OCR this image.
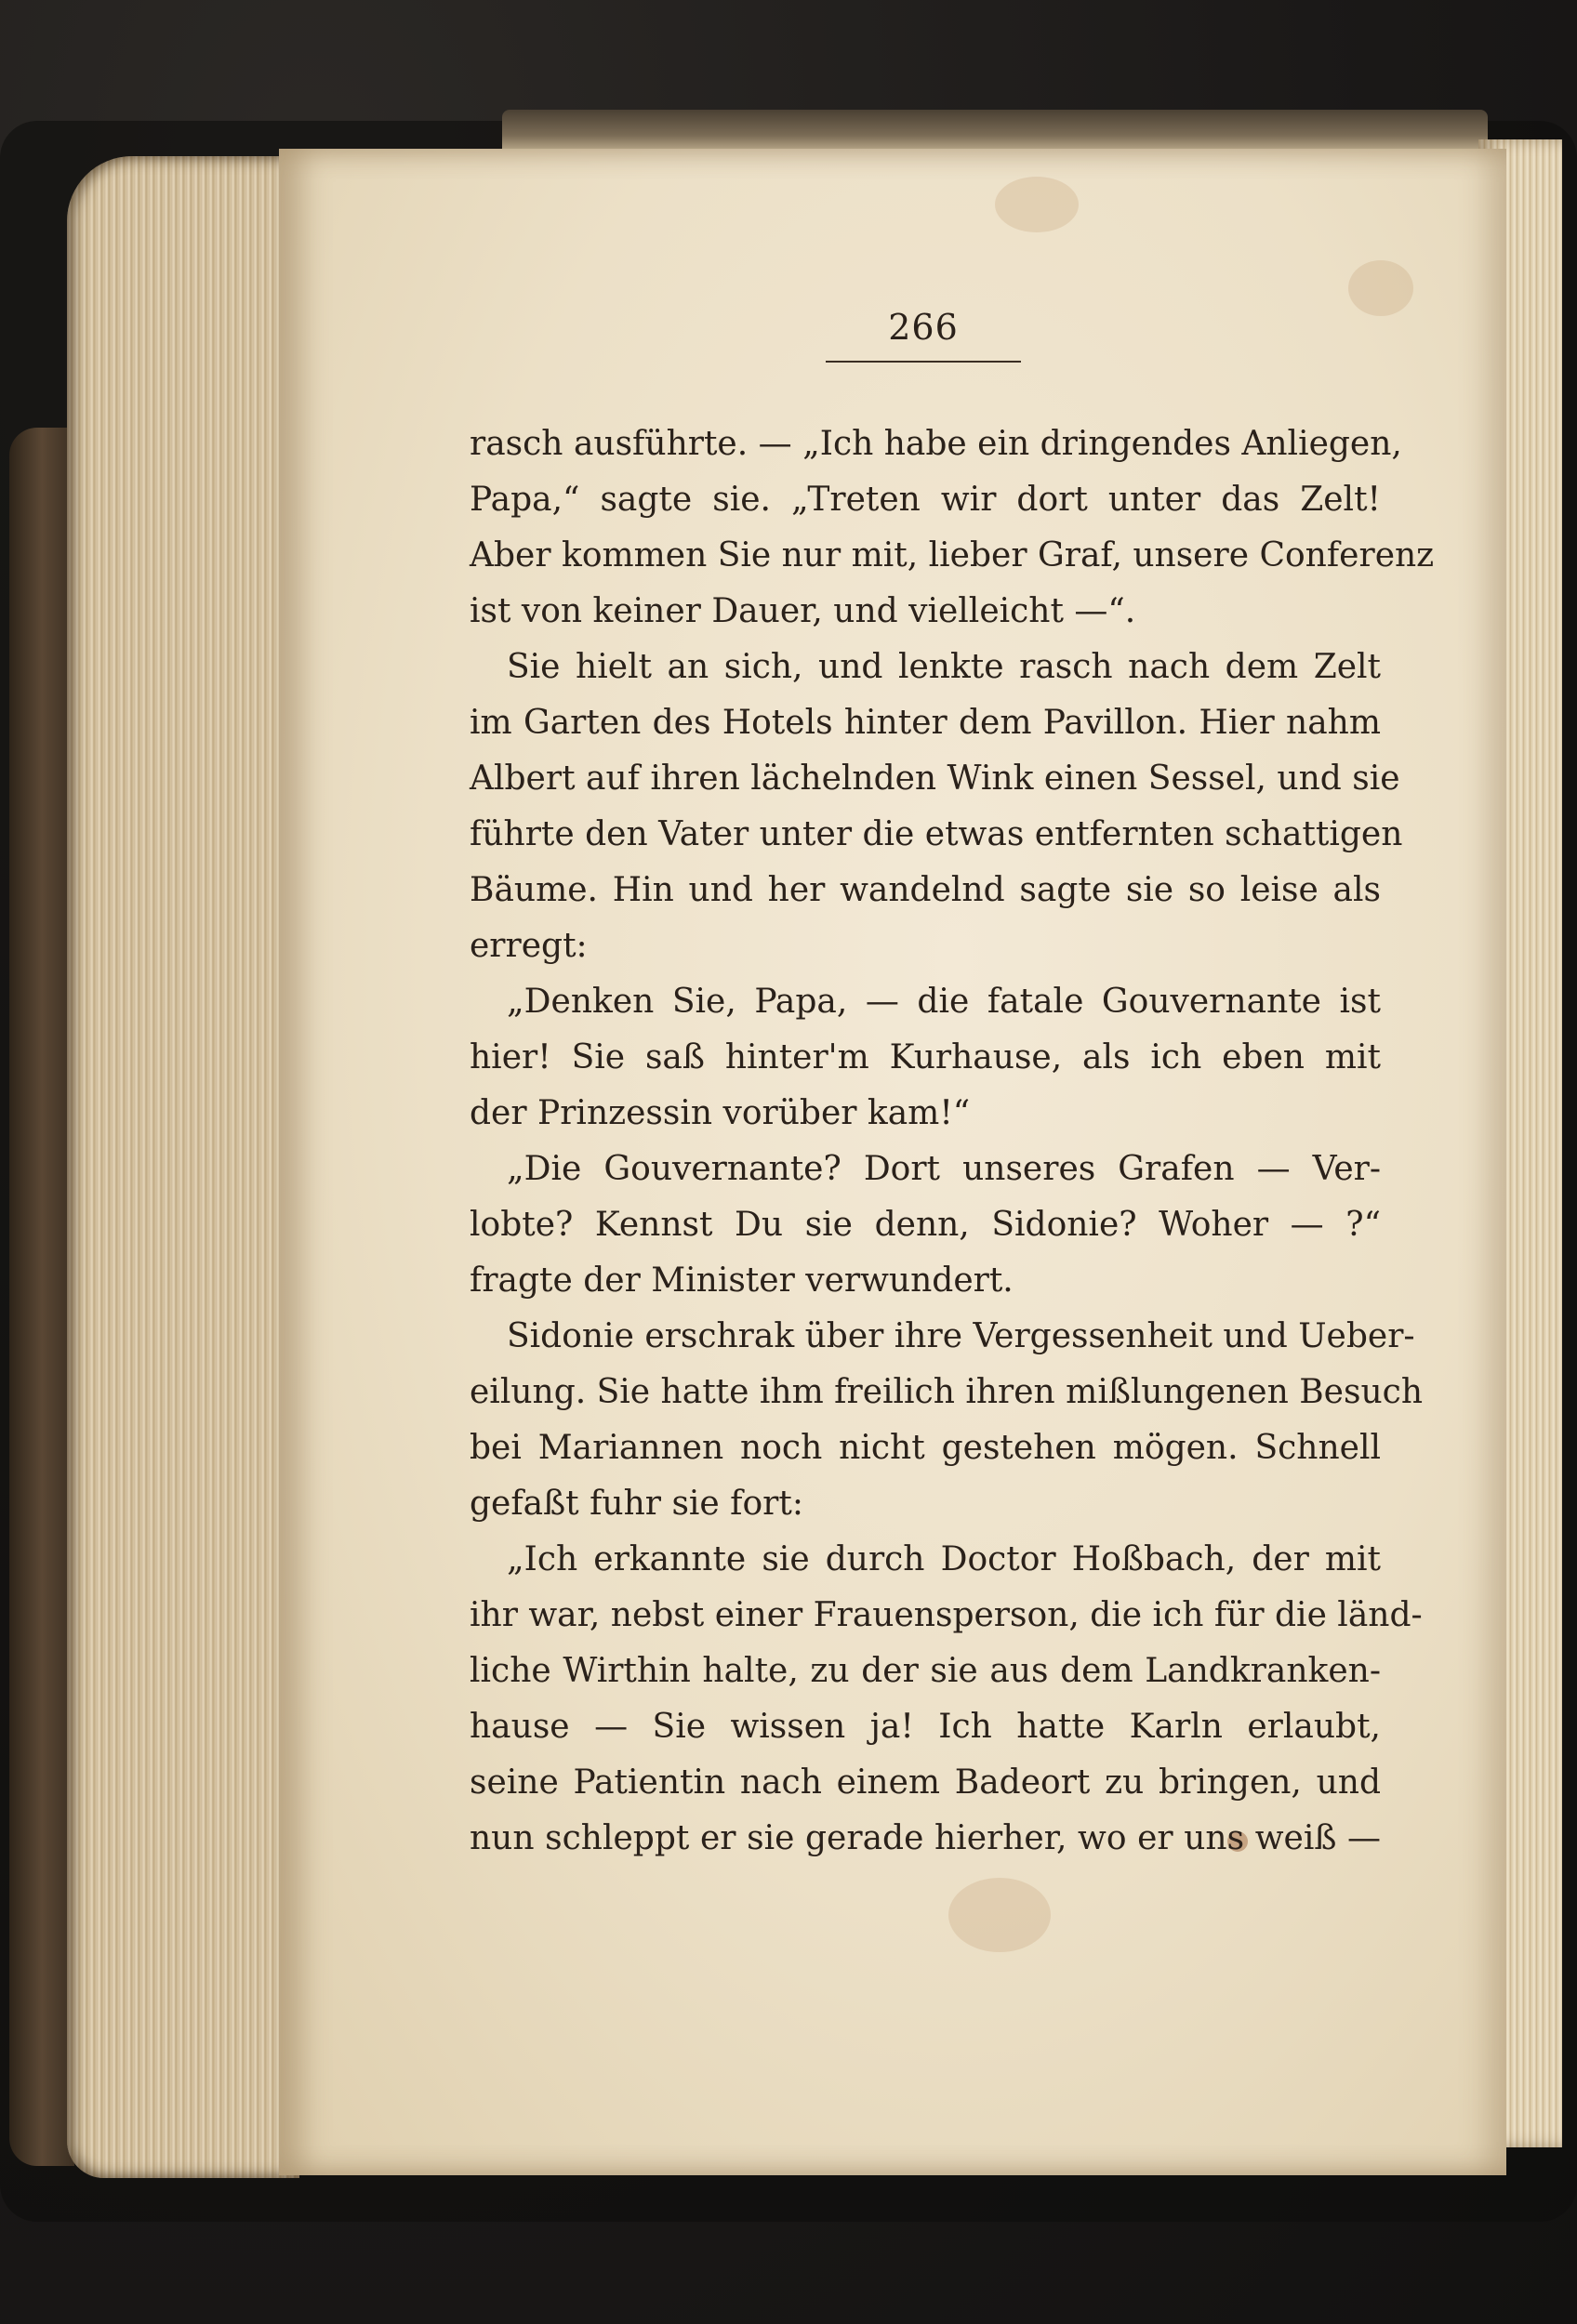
266
rasch ausführte. — „Ich habe ein dringendes Anliegen,
Papa,“ sagte sie. „Treten wir dort unter das Zelt!
Aber kommen Sie nur mit, lieber Graf, unsere Conferenz
ist von keiner Dauer, und vielleicht —“.
Sie hielt an sich, und lenkte rasch nach dem Zelt
im Garten des Hotels hinter dem Pavillon. Hier nahm
Albert auf ihren lächelnden Wink einen Sessel, und sie
führte den Vater unter die etwas entfernten schattigen
Bäume. Hin und her wandelnd sagte sie so leise als
erregt:
„Denken Sie, Papa, — die fatale Gouvernante ist
hier! Sie saß hinter'm Kurhause, als ich eben mit
der Prinzessin vorüber kam!“
„Die Gouvernante? Dort unseres Grafen — Ver-
lobte? Kennst Du sie denn, Sidonie? Woher — ?“
fragte der Minister verwundert.
Sidonie erschrak über ihre Vergessenheit und Ueber-
eilung. Sie hatte ihm freilich ihren mißlungenen Besuch
bei Mariannen noch nicht gestehen mögen. Schnell
gefaßt fuhr sie fort:
„Ich erkannte sie durch Doctor Hoßbach, der mit
ihr war, nebst einer Frauensperson, die ich für die länd-
liche Wirthin halte, zu der sie aus dem Landkranken-
hause — Sie wissen ja! Ich hatte Karln erlaubt,
seine Patientin nach einem Badeort zu bringen, und
nun schleppt er sie gerade hierher, wo er uns weiß —
